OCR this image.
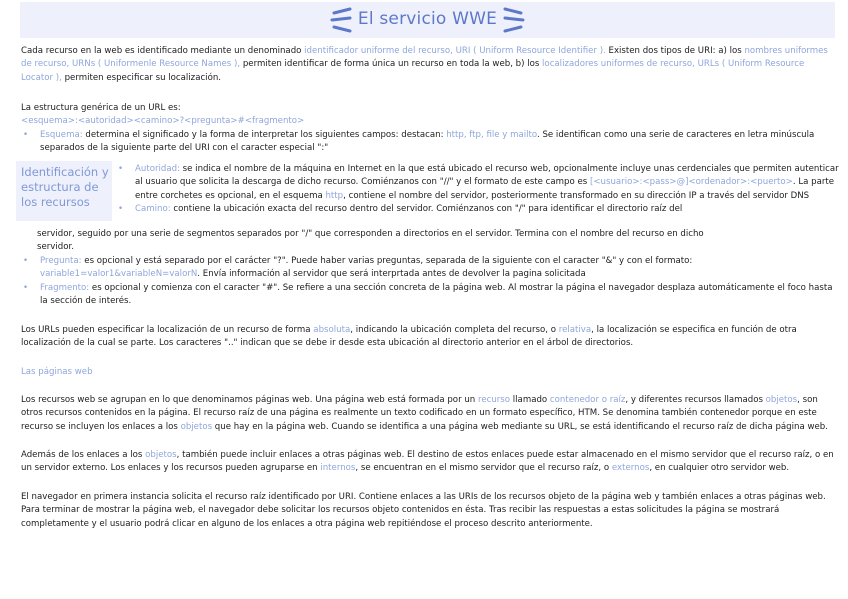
El servicio WWE

Cada recurso en la web es identificado mediante un denominado identificador uniforme del recurso, URI ( Uniform Resource Identifier ). Existen dos tipos de URI: a) los nombres uniformes de recurso, URNs ( Uniformenle Resource Names ), permiten identificar de forma única un recurso en toda la web, b) los localizadores uniformes de recurso, URLs ( Uniform Resource Locator ), permiten especificar su localización.

La estructura genérica de un URL es:

<esquema>:<autoridad><camino>?<pregunta>#<fragmento>

• Esquema: determina el significado y la forma de interpretar los siguientes campos: destacan: http, ftp, file y mailto. Se identifican como una serie de caracteres en letra minúscula separados de la siguiente parte del URI con el caracter especial ":"
Identificación y estructura de los recursos
• Autoridad: se indica el nombre de la máquina en Internet en la que está ubicado el recurso web, opcionalmente incluye unas cerdenciales que permiten autenticar al usuario que solicita la descarga de dicho recurso. Comiénzanos con "//" y el formato de este campo es [<usuario>:<pass>@]<ordenador>:<puerto>. La parte entre corchetes es opcional, en el esquema http, contiene el nombre del servidor, posteriormente transformado en su dirección IP a través del servidor DNS
• Camino: contiene la ubicación exacta del recurso dentro del servidor. Comiénzanos con "/" para identificar el directorio raíz del

servidor, seguido por una serie de segmentos separados por "/" que corresponden a directorios en el servidor. Termina con el nombre del recurso en dicho servidor.

• Pregunta: es opcional y está separado por el carácter "?". Puede haber varias preguntas, separada de la siguiente con el caracter "&" y con el formato: variable1=valor1&variableN=valorN. Envía información al servidor que será interprtada antes de devolver la pagina solicitada
• Fragmento: es opcional y comienza con el caracter "#". Se refiere a una sección concreta de la página web. Al mostrar la página el navegador desplaza automáticamente el foco hasta la sección de interés.

Los URLs pueden especificar la localización de un recurso de forma absoluta, indicando la ubicación completa del recurso, o relativa, la localización se especifica en función de otra localización de la cual se parte. Los caracteres ".." indican que se debe ir desde esta ubicación al directorio anterior en el árbol de directorios.

Las páginas web

Los recursos web se agrupan en lo que denominamos páginas web. Una página web está formada por un recurso llamado contenedor o raíz, y diferentes recursos llamados objetos, son otros recursos contenidos en la página. El recurso raíz de una página es realmente un texto codificado en un formato específico, HTM. Se denomina también contenedor porque en este recurso se incluyen los enlaces a los objetos que hay en la página web. Cuando se identifica a una página web mediante su URL, se está identificando el recurso raíz de dicha página web.

Además de los enlaces a los objetos, también puede incluir enlaces a otras páginas web. El destino de estos enlaces puede estar almacenado en el mismo servidor que el recurso raíz, o en un servidor externo. Los enlaces y los recursos pueden agruparse en internos, se encuentran en el mismo servidor que el recurso raíz, o externos, en cualquier otro servidor web.

El navegador en primera instancia solicita el recurso raíz identificado por URI. Contiene enlaces a las URIs de los recursos objeto de la página web y también enlaces a otras páginas web. Para terminar de mostrar la página web, el navegador debe solicitar los recursos objeto contenidos en ésta. Tras recibir las respuestas a estas solicitudes la página se mostrará completamente y el usuario podrá clicar en alguno de los enlaces a otra página web repitiéndose el proceso descrito anteriormente.
